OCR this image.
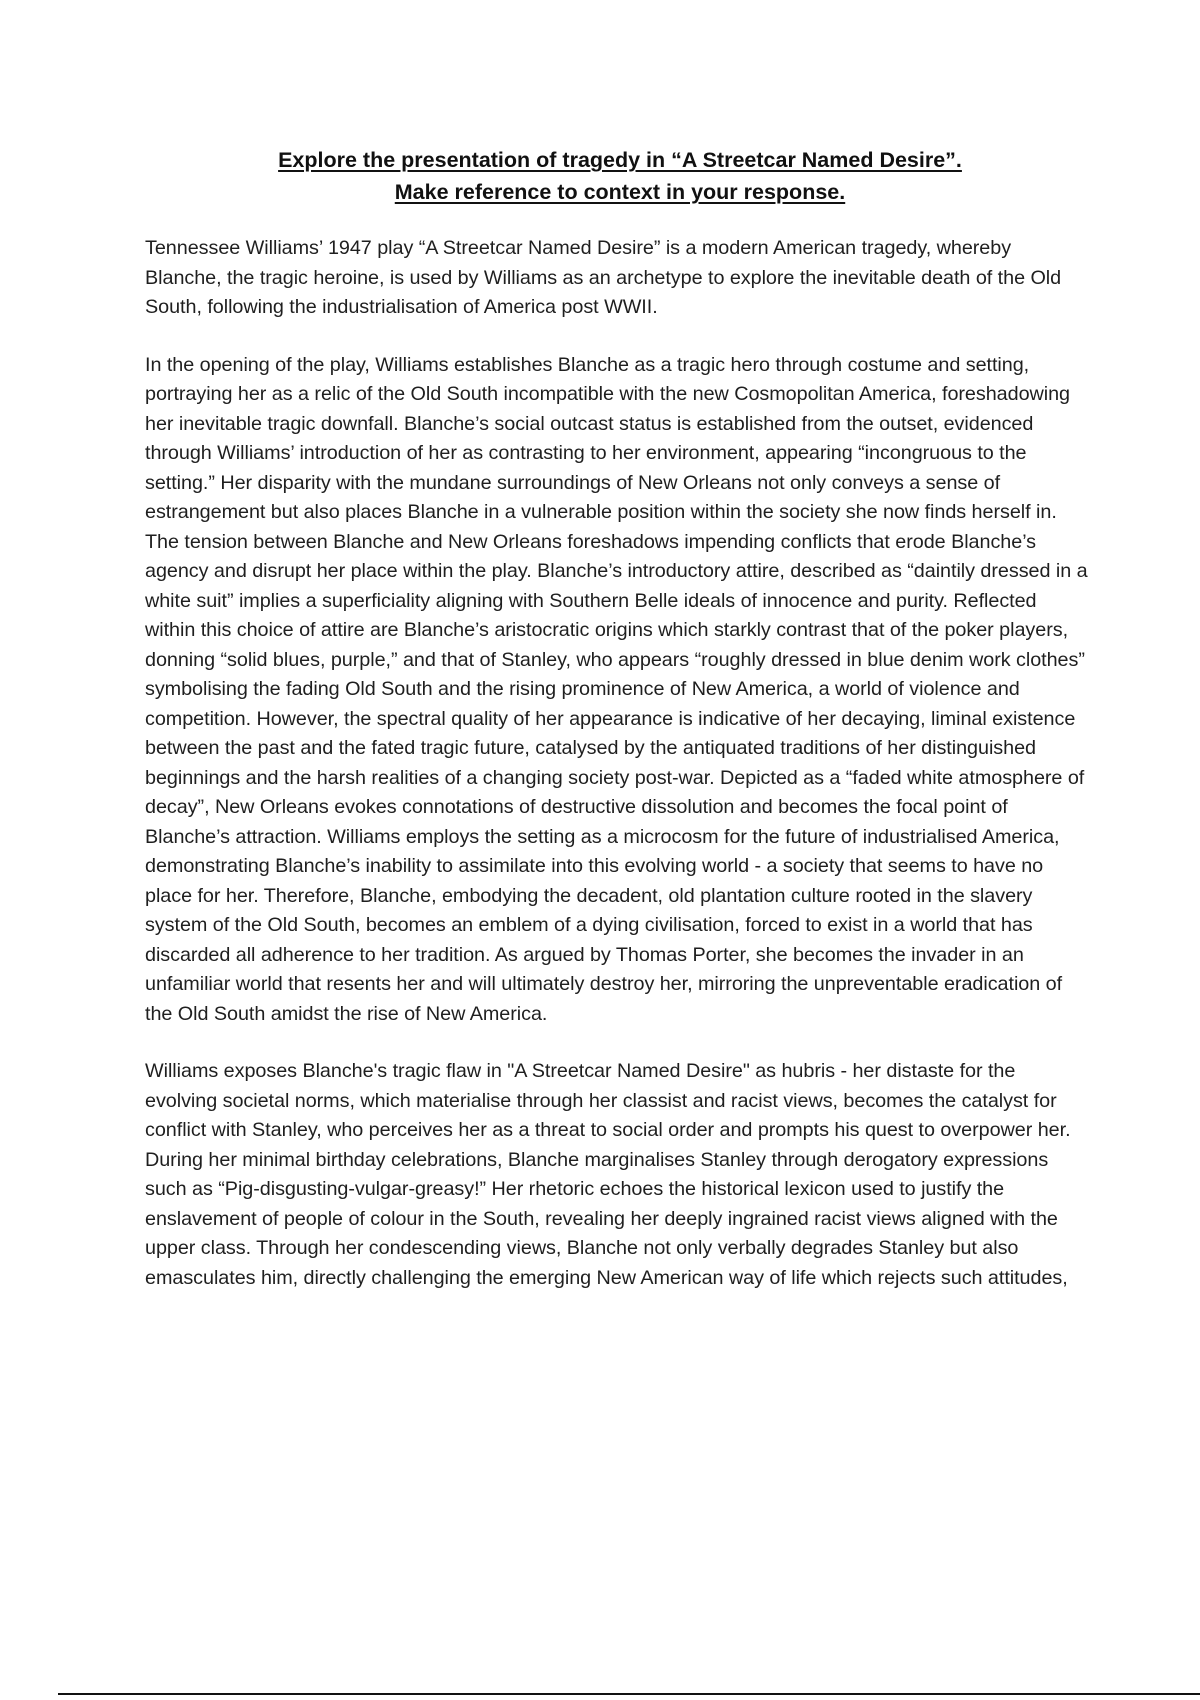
Explore the presentation of tragedy in “A Streetcar Named Desire”.
Make reference to context in your response.

Tennessee Williams’ 1947 play “A Streetcar Named Desire” is a modern American tragedy, whereby Blanche, the tragic heroine, is used by Williams as an archetype to explore the inevitable death of the Old South, following the industrialisation of America post WWII.

In the opening of the play, Williams establishes Blanche as a tragic hero through costume and setting, portraying her as a relic of the Old South incompatible with the new Cosmopolitan America, foreshadowing her inevitable tragic downfall. Blanche’s social outcast status is established from the outset, evidenced through Williams’ introduction of her as contrasting to her environment, appearing “incongruous to the setting.” Her disparity with the mundane surroundings of New Orleans not only conveys a sense of estrangement but also places Blanche in a vulnerable position within the society she now finds herself in. The tension between Blanche and New Orleans foreshadows impending conflicts that erode Blanche’s agency and disrupt her place within the play. Blanche’s introductory attire, described as “daintily dressed in a white suit” implies a superficiality aligning with Southern Belle ideals of innocence and purity. Reflected within this choice of attire are Blanche’s aristocratic origins which starkly contrast that of the poker players, donning “solid blues, purple,” and that of Stanley, who appears “roughly dressed in blue denim work clothes” symbolising the fading Old South and the rising prominence of New America, a world of violence and competition. However, the spectral quality of her appearance is indicative of her decaying, liminal existence between the past and the fated tragic future, catalysed by the antiquated traditions of her distinguished beginnings and the harsh realities of a changing society post-war. Depicted as a “faded white atmosphere of decay”, New Orleans evokes connotations of destructive dissolution and becomes the focal point of Blanche’s attraction. Williams employs the setting as a microcosm for the future of industrialised America, demonstrating Blanche’s inability to assimilate into this evolving world - a society that seems to have no place for her. Therefore, Blanche, embodying the decadent, old plantation culture rooted in the slavery system of the Old South, becomes an emblem of a dying civilisation, forced to exist in a world that has discarded all adherence to her tradition. As argued by Thomas Porter, she becomes the invader in an unfamiliar world that resents her and will ultimately destroy her, mirroring the unpreventable eradication of the Old South amidst the rise of New America.

Williams exposes Blanche's tragic flaw in "A Streetcar Named Desire" as hubris - her distaste for the evolving societal norms, which materialise through her classist and racist views, becomes the catalyst for conflict with Stanley, who perceives her as a threat to social order and prompts his quest to overpower her. During her minimal birthday celebrations, Blanche marginalises Stanley through derogatory expressions such as “Pig-disgusting-vulgar-greasy!” Her rhetoric echoes the historical lexicon used to justify the enslavement of people of colour in the South, revealing her deeply ingrained racist views aligned with the upper class. Through her condescending views, Blanche not only verbally degrades Stanley but also emasculates him, directly challenging the emerging New American way of life which rejects such attitudes,
